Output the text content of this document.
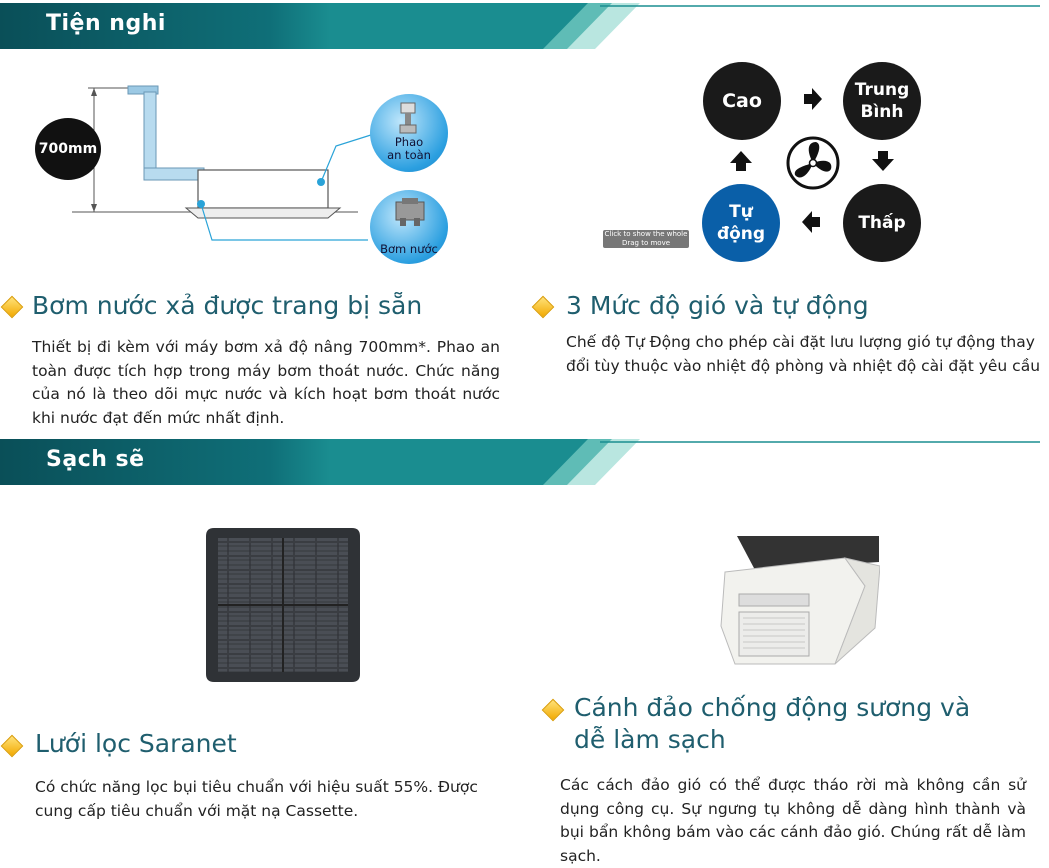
Tiện nghi
700mm	Phao
an toàn
Bơm nước
Cao	Trung
Bình
Thấp
Tự
động
Click to show the whole
Drag to move
Bơm nước xả được trang bị sẵn
Thiết bị đi kèm với máy bơm xả độ nâng 700mm*. Phao an toàn được tích hợp trong máy bơm thoát nước. Chức năng của nó là theo dõi mực nước và kích hoạt bơm thoát nước khi nước đạt đến mức nhất định.
3 Mức độ gió và tự động
Chế độ Tự Động cho phép cài đặt lưu lượng gió tự động thay đổi tùy thuộc vào nhiệt độ phòng và nhiệt độ cài đặt yêu cầu
Sạch sẽ
Cánh đảo chống động sương và
dễ làm sạch
Các cách đảo gió có thể được tháo rời mà không cần sử dụng công cụ. Sự ngưng tụ không dễ dàng hình thành và bụi bẩn không bám vào các cánh đảo gió. Chúng rất dễ làm sạch.
Lưới lọc Saranet
Có chức năng lọc bụi tiêu chuẩn với hiệu suất 55%. Được cung cấp tiêu chuẩn với mặt nạ Cassette.
